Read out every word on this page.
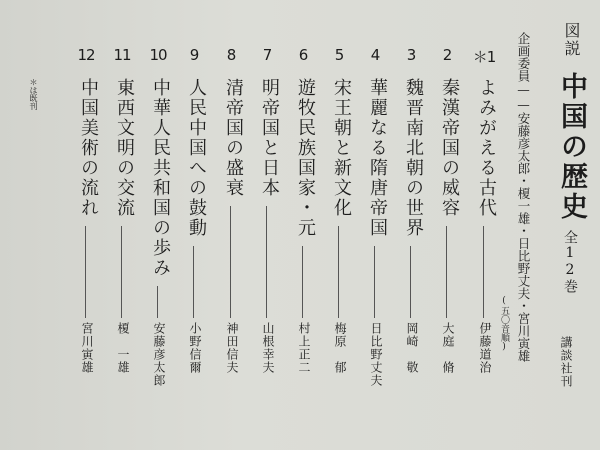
図説
中国の歴史
全12巻
講談社刊
企画委員——安藤彦太郎・榎一雄・日比野丈夫・宮川寅雄
(五〇音順)
＊は既刊
＊1
よみがえる古代
伊藤道治
2
秦漢帝国の威容
大庭　脩
3
魏晋南北朝の世界
岡崎　敬
4
華麗なる隋唐帝国
日比野丈夫
5
宋王朝と新文化
梅原　郁
6
遊牧民族国家・元
村上正二
7
明帝国と日本
山根幸夫
8
清帝国の盛衰
神田信夫
9
人民中国への鼓動
小野信爾
10
中華人民共和国の歩み
安藤彦太郎
11
東西文明の交流
榎　一雄
12
中国美術の流れ
宮川寅雄
